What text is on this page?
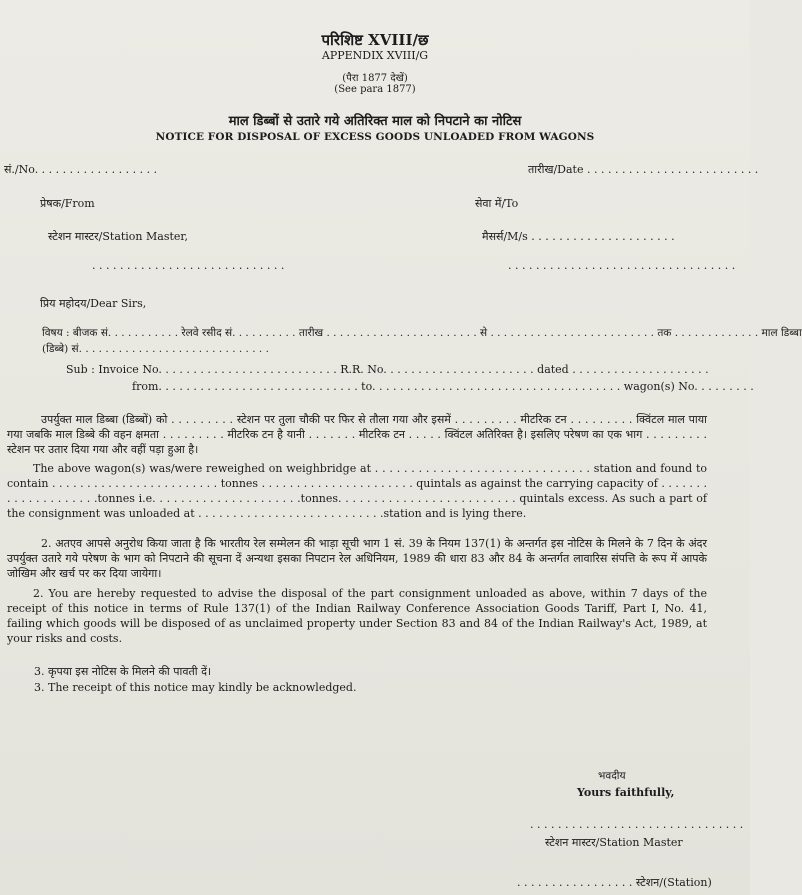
परिशिष्ट XVIII/छ
APPENDIX XVIII/G
(पैरा 1877 देखें)
(See para 1877)
माल डिब्बों से उतारे गये अतिरिक्त माल को निपटाने का नोटिस
NOTICE FOR DISPOSAL OF EXCESS GOODS UNLOADED FROM WAGONS
सं./No. . . . . . . . . . . . . . . . . .	तारीख/Date . . . . . . . . . . . . . . . . . . . . . . . . .
प्रेषक/From	सेवा में/To
स्टेशन मास्टर/Station Master,	मैसर्स/M/s . . . . . . . . . . . . . . . . . . . . .
. . . . . . . . . . . . . . . . . . . . . . . . . . . .	. . . . . . . . . . . . . . . . . . . . . . . . . . . . . . . . .
प्रिय महोदय/Dear Sirs,
विषय : बीजक सं. . . . . . . . . . . रेलवे रसीद सं. . . . . . . . . . तारीख . . . . . . . . . . . . . . . . . . . . . . . से . . . . . . . . . . . . . . . . . . . . . . . . . तक . . . . . . . . . . . . . माल डिब्बा
(डिब्बे) सं. . . . . . . . . . . . . . . . . . . . . . . . . . . . .
Sub : Invoice No. . . . . . . . . . . . . . . . . . . . . . . . . . R.R. No. . . . . . . . . . . . . . . . . . . . . . dated . . . . . . . . . . . . . . . . . . . .
from. . . . . . . . . . . . . . . . . . . . . . . . . . . . . to. . . . . . . . . . . . . . . . . . . . . . . . . . . . . . . . . . . . wagon(s) No. . . . . . . . .
उपर्युक्त माल डिब्बा (डिब्बों) को . . . . . . . . . स्टेशन पर तुला चौकी पर फिर से तौला गया और इसमें . . . . . . . . . मीटरिक टन . . . . . . . . . क्विंटल माल पाया गया जबकि माल डिब्बे की वहन क्षमता . . . . . . . . . मीटरिक टन है यानी . . . . . . . मीटरिक टन . . . . . क्विंटल अतिरिक्त है। इसलिए परेषण का एक भाग . . . . . . . . . स्टेशन पर उतार दिया गया और वहीं पड़ा हुआ है।
The above wagon(s) was/were reweighed on weighbridge at . . . . . . . . . . . . . . . . . . . . . . . . . . . . . . station and found to contain . . . . . . . . . . . . . . . . . . . . . . . . tonnes . . . . . . . . . . . . . . . . . . . . . . quintals as against the carrying capacity of . . . . . . . . . . . . . . . . . . . .tonnes i.e. . . . . . . . . . . . . . . . . . . . .tonnes. . . . . . . . . . . . . . . . . . . . . . . . . quintals excess. As such a part of the consignment was unloaded at . . . . . . . . . . . . . . . . . . . . . . . . . . .station and is lying there.
2. अतएव आपसे अनुरोध किया जाता है कि भारतीय रेल सम्मेलन की भाड़ा सूची भाग 1 सं. 39 के नियम 137(1) के अन्तर्गत इस नोटिस के मिलने के 7 दिन के अंदर उपर्युक्त उतारे गये परेषण के भाग को निपटाने की सूचना दें अन्यथा इसका निपटान रेल अधिनियम, 1989 की धारा 83 और 84 के अन्तर्गत लावारिस संपत्ति के रूप में आपके जोखिम और खर्च पर कर दिया जायेगा।
2. You are hereby requested to advise the disposal of the part consignment unloaded as above, within 7 days of the receipt of this notice in terms of Rule 137(1) of the Indian Railway Conference Association Goods Tariff, Part I, No. 41, failing which goods will be disposed of as unclaimed property under Section 83 and 84 of the Indian Railway's Act, 1989, at your risks and costs.
3. कृपया इस नोटिस के मिलने की पावती दें।
3. The receipt of this notice may kindly be acknowledged.
भवदीय
Yours faithfully,
. . . . . . . . . . . . . . . . . . . . . . . . . . . . . . .
स्टेशन मास्टर/Station Master
. . . . . . . . . . . . . . . . . स्टेशन/(Station)
